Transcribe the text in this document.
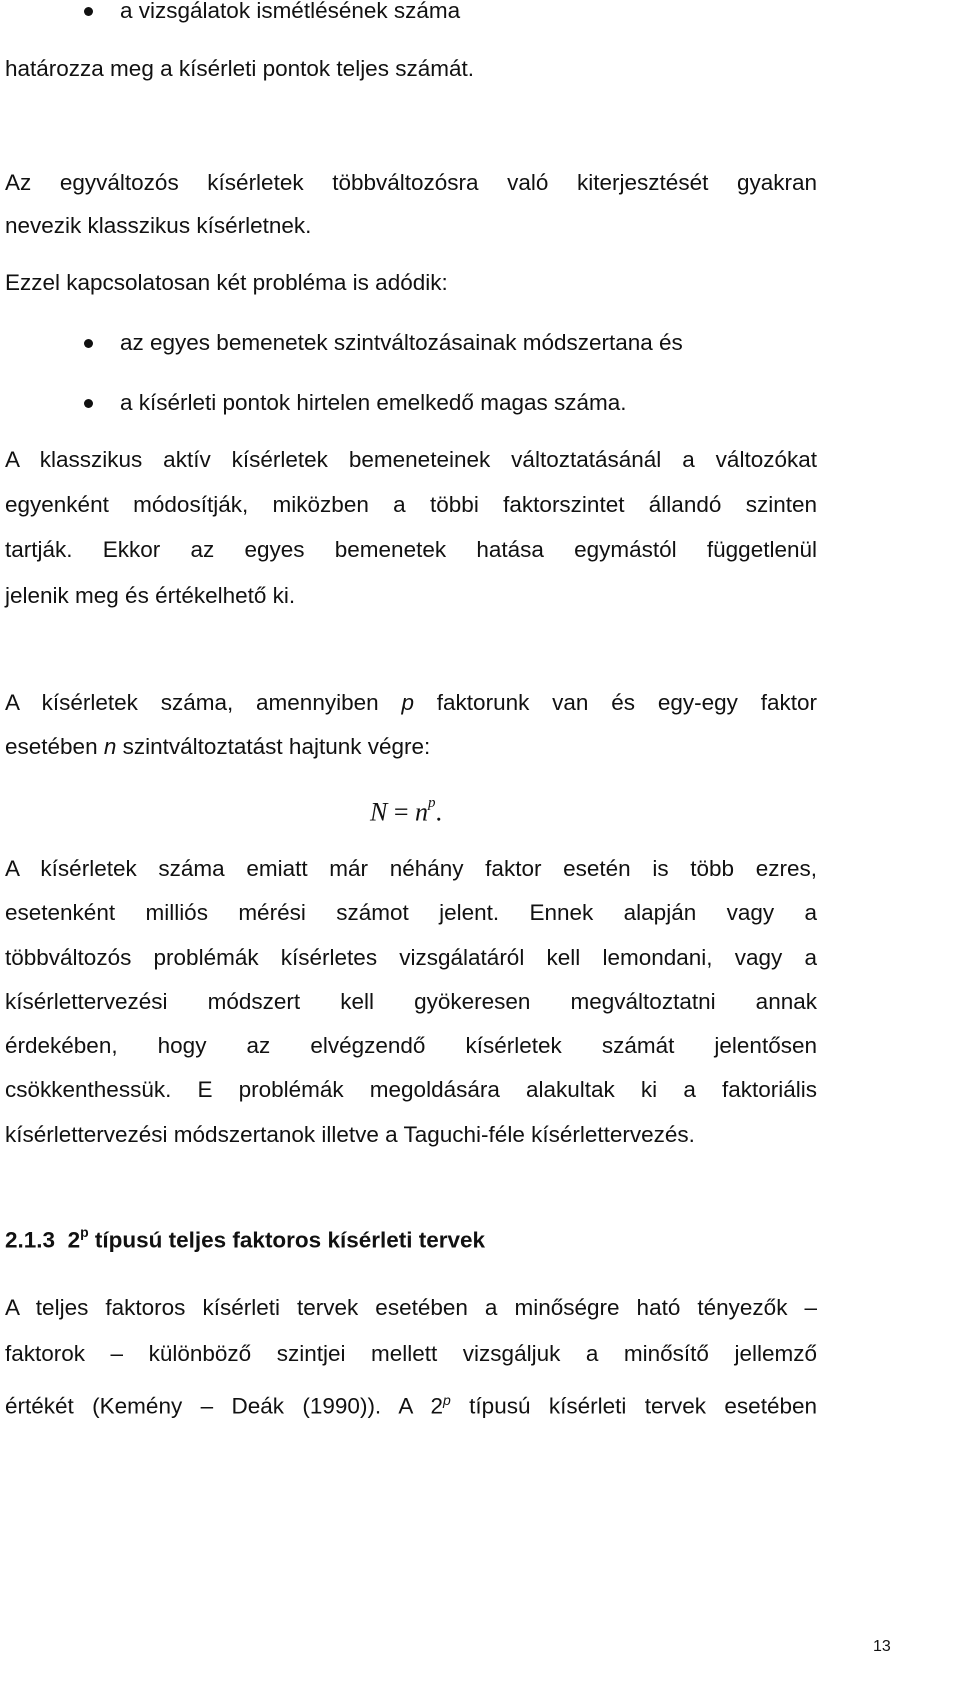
a vizsgálatok ismétlésének száma
határozza meg a kísérleti pontok teljes számát.
Az egyváltozós kísérletek többváltozósra való kiterjesztését gyakran
nevezik klasszikus kísérletnek.
Ezzel kapcsolatosan két probléma is adódik:
az egyes bemenetek szintváltozásainak módszertana és
a kísérleti pontok hirtelen emelkedő magas száma.
A klasszikus aktív kísérletek bemeneteinek változtatásánál a változókat
egyenként módosítják, miközben a többi faktorszintet állandó szinten
tartják. Ekkor az egyes bemenetek hatása egymástól függetlenül
jelenik meg és értékelhető ki.
A kísérletek száma, amennyiben p faktorunk van és egy-egy faktor
esetében n szintváltoztatást hajtunk végre:
$N = n^p$.
A kísérletek száma emiatt már néhány faktor esetén is több ezres,
esetenként milliós mérési számot jelent. Ennek alapján vagy a
többváltozós problémák kísérletes vizsgálatáról kell lemondani, vagy a
kísérlettervezési módszert kell gyökeresen megváltoztatni annak
érdekében, hogy az elvégzendő kísérletek számát jelentősen
csökkenthessük. E problémák megoldására alakultak ki a faktoriális
kísérlettervezési módszertanok illetve a Taguchi-féle kísérlettervezés.
2.1.3 2$^p$ típusú teljes faktoros kísérleti tervek
A teljes faktoros kísérleti tervek esetében a minőségre ható tényezők –
faktorok – különböző szintjei mellett vizsgáljuk a minősítő jellemző
értékét (Kemény – Deák (1990)). A 2$^p$ típusú kísérleti tervek esetében
13
